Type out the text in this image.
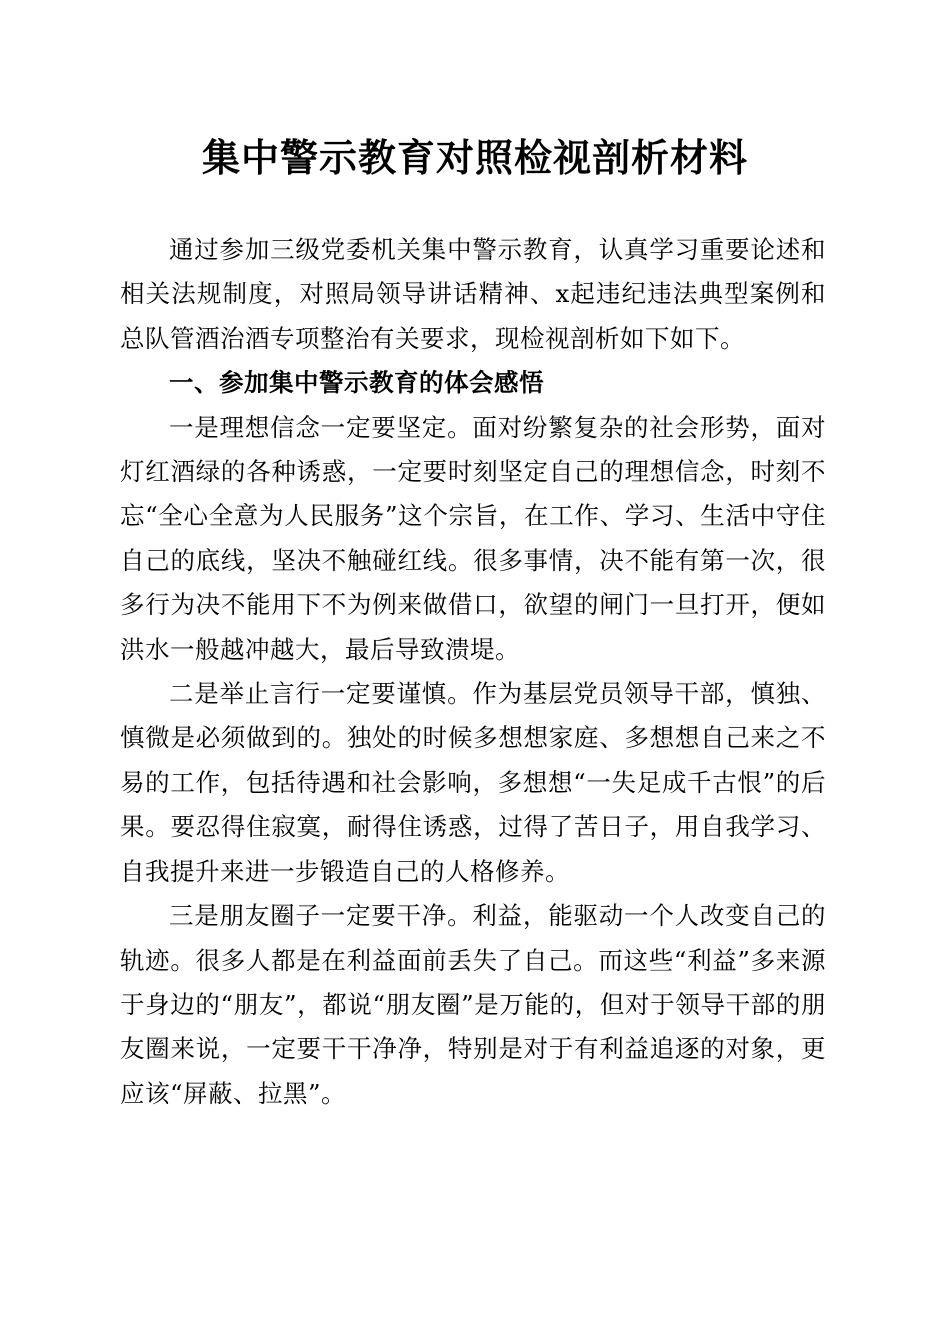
集中警示教育对照检视剖析材料

通过参加三级党委机关集中警示教育，认真学习重要论述和相关法规制度，对照局领导讲话精神、x起违纪违法典型案例和总队管酒治酒专项整治有关要求，现检视剖析如下如下。

一、参加集中警示教育的体会感悟

一是理想信念一定要坚定。面对纷繁复杂的社会形势，面对灯红酒绿的各种诱惑，一定要时刻坚定自己的理想信念，时刻不忘“全心全意为人民服务”这个宗旨，在工作、学习、生活中守住自己的底线，坚决不触碰红线。很多事情，决不能有第一次，很多行为决不能用下不为例来做借口，欲望的闸门一旦打开，便如洪水一般越冲越大，最后导致溃堤。

二是举止言行一定要谨慎。作为基层党员领导干部，慎独、慎微是必须做到的。独处的时候多想想家庭、多想想自己来之不易的工作，包括待遇和社会影响，多想想“一失足成千古恨”的后果。要忍得住寂寞，耐得住诱惑，过得了苦日子，用自我学习、自我提升来进一步锻造自己的人格修养。

三是朋友圈子一定要干净。利益，能驱动一个人改变自己的轨迹。很多人都是在利益面前丢失了自己。而这些“利益”多来源于身边的“朋友”，都说“朋友圈”是万能的，但对于领导干部的朋友圈来说，一定要干干净净，特别是对于有利益追逐的对象，更应该“屏蔽、拉黑”。
